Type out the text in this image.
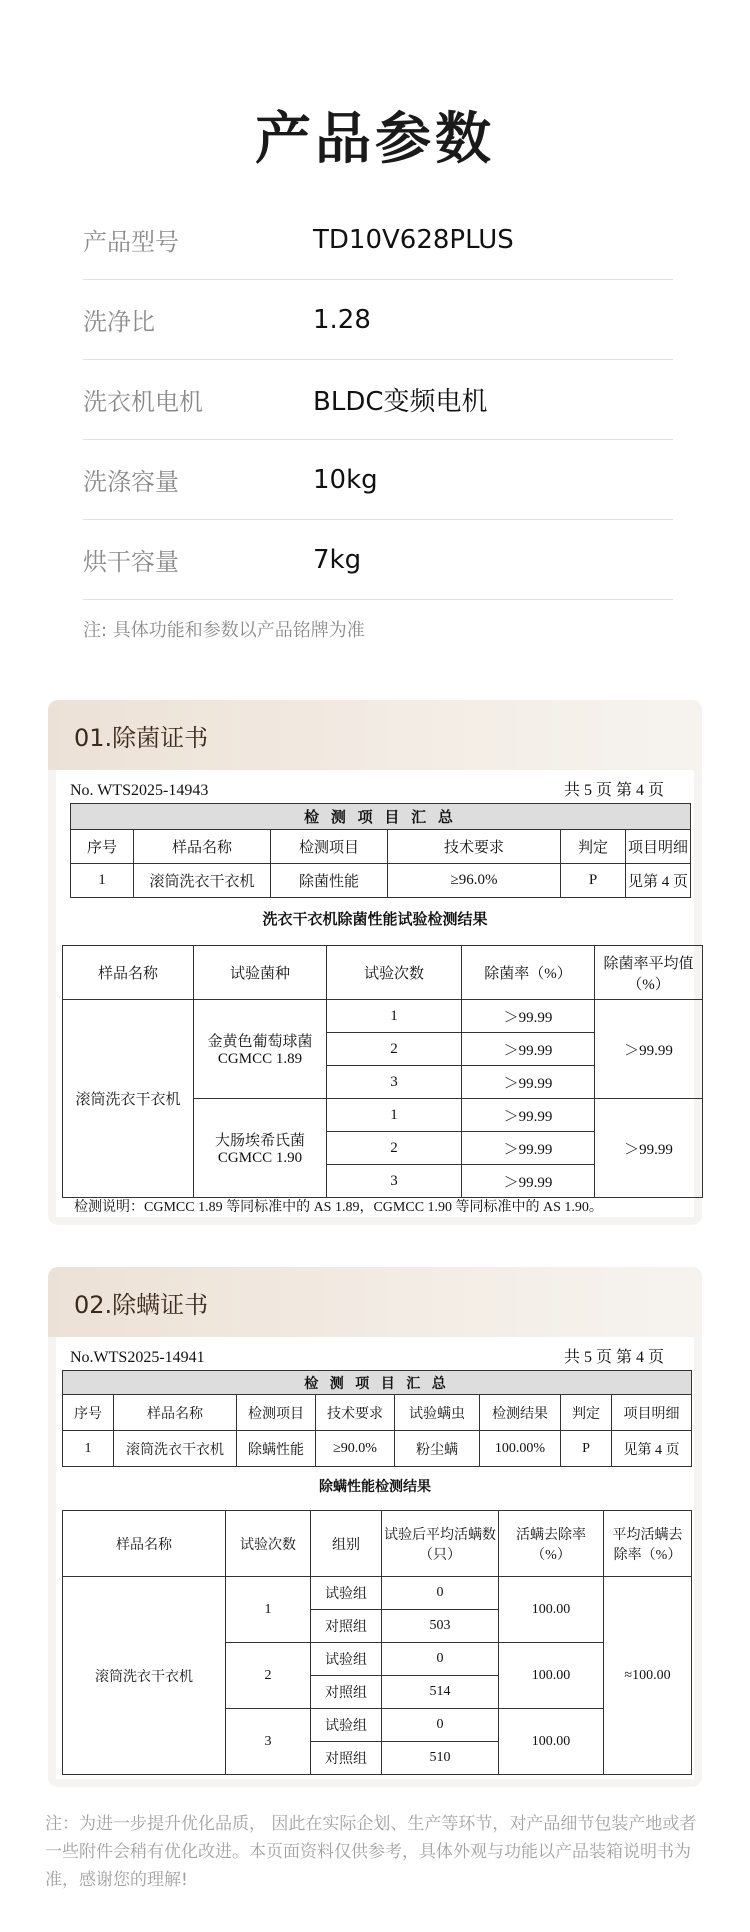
产品参数
产品型号	TD10V628PLUS
洗净比	1.28
洗衣机电机	BLDC变频电机
洗涤容量	10kg
烘干容量	7kg
注: 具体功能和参数以产品铭牌为准
01.除菌证书
No. WTS2025-14943	共 5 页 第 4 页
检 测 项 目 汇 总					
序号	样品名称	检测项目	技术要求	判定	项目明细
1	滚筒洗衣干衣机	除菌性能	≥96.0%	P	见第 4 页
洗衣干衣机除菌性能试验检测结果
样品名称	试验菌种	试验次数	除菌率（%）	除菌率平均值（%）
滚筒洗衣干衣机	金黄色葡萄球菌 CGMCC 1.89	1	＞99.99	＞99.99
		2	＞99.99	
		3	＞99.99	
	大肠埃希氏菌 CGMCC 1.90	1	＞99.99	＞99.99
		2	＞99.99	
		3	＞99.99	
检测说明：CGMCC 1.89 等同标准中的 AS 1.89，CGMCC 1.90 等同标准中的 AS 1.90。
02.除螨证书
No.WTS2025-14941	共 5 页 第 4 页
检 测 项 目 汇 总							
序号	样品名称	检测项目	技术要求	试验螨虫	检测结果	判定	项目明细
1	滚筒洗衣干衣机	除螨性能	≥90.0%	粉尘螨	100.00%	P	见第 4 页
除螨性能检测结果
样品名称	试验次数	组别	试验后平均活螨数（只）	活螨去除率（%）	平均活螨去除率（%）
滚筒洗衣干衣机	1	试验组	0	100.00	≈100.00
		对照组	503		
	2	试验组	0	100.00	
		对照组	514		
	3	试验组	0	100.00	
		对照组	510		
注：为进一步提升优化品质， 因此在实际企划、生产等环节，对产品细节包装产地或者一些附件会稍有优化改进。本页面资料仅供参考，具体外观与功能以产品装箱说明书为准，感谢您的理解!
